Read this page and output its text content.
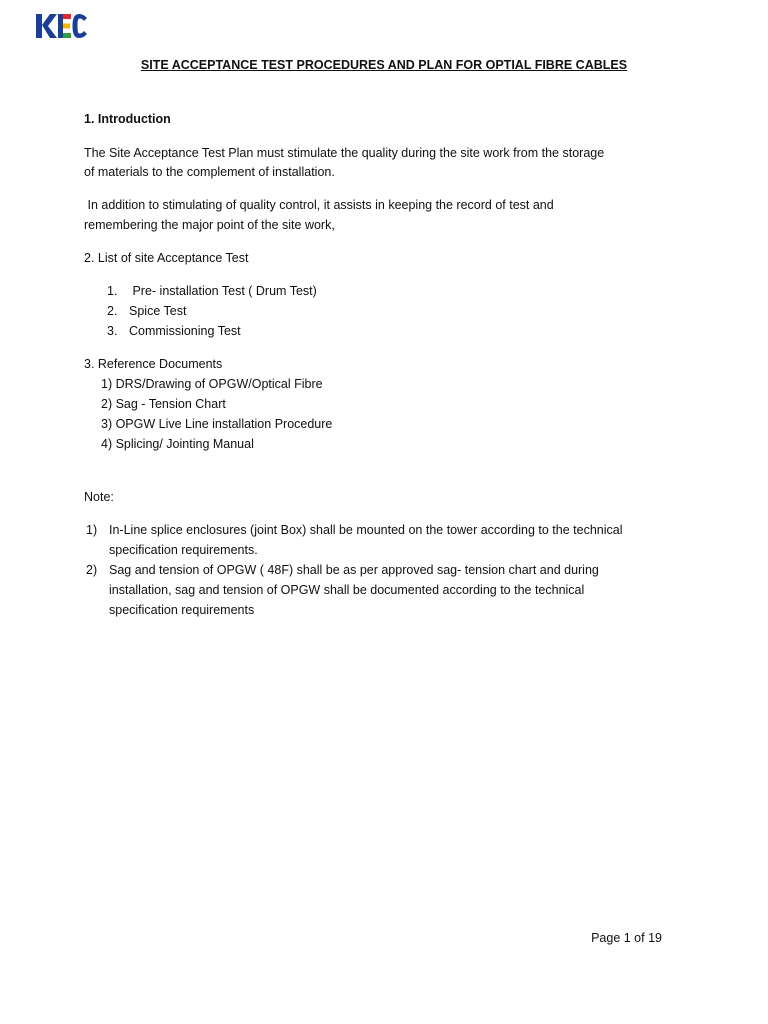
SITE ACCEPTANCE TEST PROCEDURES AND PLAN FOR OPTIAL FIBRE CABLES
1. Introduction
The Site Acceptance Test Plan must stimulate the quality during the site work from the storage
of materials to the complement of installation.
In addition to stimulating of quality control, it assists in keeping the record of test and
remembering the major point of the site work,
2. List of site Acceptance Test
1. Pre- installation Test ( Drum Test)
2. Spice Test
3. Commissioning Test
3. Reference Documents
1) DRS/Drawing of OPGW/Optical Fibre
2) Sag - Tension Chart
3) OPGW Live Line installation Procedure
4) Splicing/ Jointing Manual
Note:
1) In-Line splice enclosures (joint Box) shall be mounted on the tower according to the technical
specification requirements.
2) Sag and tension of OPGW ( 48F) shall be as per approved sag- tension chart and during
installation, sag and tension of OPGW shall be documented according to the technical
specification requirements
Page 1 of 19
